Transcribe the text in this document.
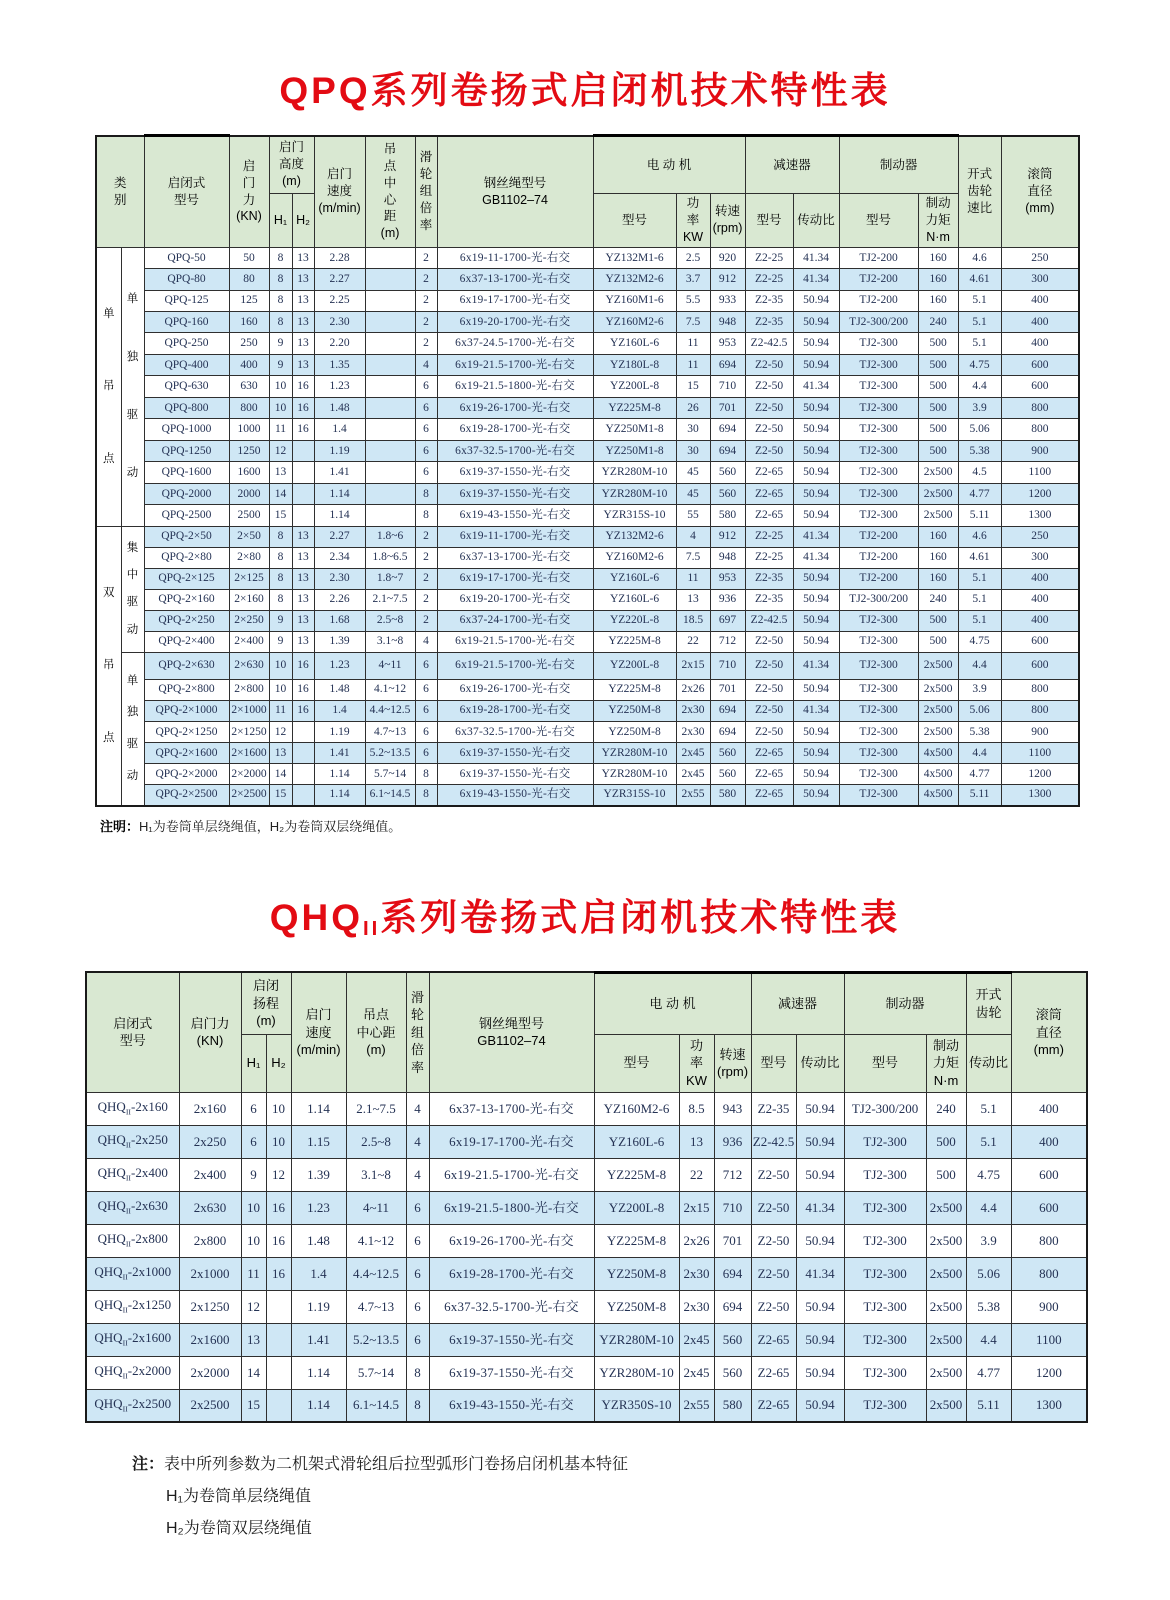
QPQ系列卷扬式启闭机技术特性表
类
别	启闭式
型号	启
门
力
(KN)	启门
高度
(m)	启门
速度
(m/min)	吊
点
中
心
距
(m)	滑
轮
组
倍
率	钢丝绳型号
GB1102–74	电 动 机	减速器	制动器	开式
齿轮
速比	滚筒
直径
(mm)
				H₁	H₂					型号	功
率
KW	转速
(rpm)	型号	传动比	型号	制动
力矩
N·m		

单
吊
点	单
独
驱
动	QPQ-50	50	8	13	2.28		2	6x19-11-1700-光-右交	YZ132M1-6	2.5	920	Z2-25	41.34	TJ2-200	160	4.6	250
		QPQ-80	80	8	13	2.27		2	6x37-13-1700-光-右交	YZ132M2-6	3.7	912	Z2-25	41.34	TJ2-200	160	4.61	300
		QPQ-125	125	8	13	2.25		2	6x19-17-1700-光-右交	YZ160M1-6	5.5	933	Z2-35	50.94	TJ2-200	160	5.1	400
		QPQ-160	160	8	13	2.30		2	6x19-20-1700-光-右交	YZ160M2-6	7.5	948	Z2-35	50.94	TJ2-300/200	240	5.1	400
		QPQ-250	250	9	13	2.20		2	6x37-24.5-1700-光-右交	YZ160L-6	11	953	Z2-42.5	50.94	TJ2-300	500	5.1	400
		QPQ-400	400	9	13	1.35		4	6x19-21.5-1700-光-右交	YZ180L-8	11	694	Z2-50	50.94	TJ2-300	500	4.75	600
		QPQ-630	630	10	16	1.23		6	6x19-21.5-1800-光-右交	YZ200L-8	15	710	Z2-50	41.34	TJ2-300	500	4.4	600
		QPQ-800	800	10	16	1.48		6	6x19-26-1700-光-右交	YZ225M-8	26	701	Z2-50	50.94	TJ2-300	500	3.9	800
		QPQ-1000	1000	11	16	1.4		6	6x19-28-1700-光-右交	YZ250M1-8	30	694	Z2-50	50.94	TJ2-300	500	5.06	800
		QPQ-1250	1250	12		1.19		6	6x37-32.5-1700-光-右交	YZ250M1-8	30	694	Z2-50	50.94	TJ2-300	500	5.38	900
		QPQ-1600	1600	13		1.41		6	6x19-37-1550-光-右交	YZR280M-10	45	560	Z2-65	50.94	TJ2-300	2x500	4.5	1100
		QPQ-2000	2000	14		1.14		8	6x19-37-1550-光-右交	YZR280M-10	45	560	Z2-65	50.94	TJ2-300	2x500	4.77	1200
		QPQ-2500	2500	15		1.14		8	6x19-43-1550-光-右交	YZR315S-10	55	580	Z2-65	50.94	TJ2-300	2x500	5.11	1300

双
吊
点	集
中
驱
动	QPQ-2×50	2×50	8	13	2.27	1.8~6	2	6x19-11-1700-光-右交	YZ132M2-6	4	912	Z2-25	41.34	TJ2-200	160	4.6	250
		QPQ-2×80	2×80	8	13	2.34	1.8~6.5	2	6x37-13-1700-光-右交	YZ160M2-6	7.5	948	Z2-25	41.34	TJ2-200	160	4.61	300
		QPQ-2×125	2×125	8	13	2.30	1.8~7	2	6x19-17-1700-光-右交	YZ160L-6	11	953	Z2-35	50.94	TJ2-200	160	5.1	400
		QPQ-2×160	2×160	8	13	2.26	2.1~7.5	2	6x19-20-1700-光-右交	YZ160L-6	13	936	Z2-35	50.94	TJ2-300/200	240	5.1	400
		QPQ-2×250	2×250	9	13	1.68	2.5~8	2	6x37-24-1700-光-右交	YZ220L-8	18.5	697	Z2-42.5	50.94	TJ2-300	500	5.1	400
		QPQ-2×400	2×400	9	13	1.39	3.1~8	4	6x19-21.5-1700-光-右交	YZ225M-8	22	712	Z2-50	50.94	TJ2-300	500	4.75	600

	单
独
驱
动	QPQ-2×630	2×630	10	16	1.23	4~11	6	6x19-21.5-1700-光-右交	YZ200L-8	2x15	710	Z2-50	41.34	TJ2-300	2x500	4.4	600
		QPQ-2×800	2×800	10	16	1.48	4.1~12	6	6x19-26-1700-光-右交	YZ225M-8	2x26	701	Z2-50	50.94	TJ2-300	2x500	3.9	800
		QPQ-2×1000	2×1000	11	16	1.4	4.4~12.5	6	6x19-28-1700-光-右交	YZ250M-8	2x30	694	Z2-50	41.34	TJ2-300	2x500	5.06	800
		QPQ-2×1250	2×1250	12		1.19	4.7~13	6	6x37-32.5-1700-光-右交	YZ250M-8	2x30	694	Z2-50	50.94	TJ2-300	2x500	5.38	900
		QPQ-2×1600	2×1600	13		1.41	5.2~13.5	6	6x19-37-1550-光-右交	YZR280M-10	2x45	560	Z2-65	50.94	TJ2-300	4x500	4.4	1100
		QPQ-2×2000	2×2000	14		1.14	5.7~14	8	6x19-37-1550-光-右交	YZR280M-10	2x45	560	Z2-65	50.94	TJ2-300	4x500	4.77	1200
		QPQ-2×2500	2×2500	15		1.14	6.1~14.5	8	6x19-43-1550-光-右交	YZR315S-10	2x55	580	Z2-65	50.94	TJ2-300	4x500	5.11	1300

注明：H₁为卷筒单层绕绳值，H₂为卷筒双层绕绳值。

$QHQ_{II}$系列卷扬式启闭机技术特性表
启闭式
型号	启门力
(KN)	启闭
扬程
(m)		启门
速度
(m/min)	吊点
中心距
(m)	滑
轮
组
倍
率	钢丝绳型号
GB1102–74	电 动 机			减速器		制动器		开式
齿轮	滚筒
直径
(mm)
		H₁	H₂					型号	功
率
KW	转速
(rpm)	型号	传动比	型号	制动
力矩
N·m	传动比	
$QHQ_{II}-2x160$	2x160	6	10	1.14	2.1~7.5	4	6x37-13-1700-光-右交	YZ160M2-6	8.5	943	Z2-35	50.94	TJ2-300/200	240	5.1	400
$QHQ_{II}-2x250$	2x250	6	10	1.15	2.5~8	4	6x19-17-1700-光-右交	YZ160L-6	13	936	Z2-42.5	50.94	TJ2-300	500	5.1	400
$QHQ_{II}-2x400$	2x400	9	12	1.39	3.1~8	4	6x19-21.5-1700-光-右交	YZ225M-8	22	712	Z2-50	50.94	TJ2-300	500	4.75	600
$QHQ_{II}-2x630$	2x630	10	16	1.23	4~11	6	6x19-21.5-1800-光-右交	YZ200L-8	2x15	710	Z2-50	41.34	TJ2-300	2x500	4.4	600
$QHQ_{II}-2x800$	2x800	10	16	1.48	4.1~12	6	6x19-26-1700-光-右交	YZ225M-8	2x26	701	Z2-50	50.94	TJ2-300	2x500	3.9	800
$QHQ_{II}-2x1000$	2x1000	11	16	1.4	4.4~12.5	6	6x19-28-1700-光-右交	YZ250M-8	2x30	694	Z2-50	41.34	TJ2-300	2x500	5.06	800
$QHQ_{II}-2x1250$	2x1250	12		1.19	4.7~13	6	6x37-32.5-1700-光-右交	YZ250M-8	2x30	694	Z2-50	50.94	TJ2-300	2x500	5.38	900
$QHQ_{II}-2x1600$	2x1600	13		1.41	5.2~13.5	6	6x19-37-1550-光-右交	YZR280M-10	2x45	560	Z2-65	50.94	TJ2-300	2x500	4.4	1100
$QHQ_{II}-2x2000$	2x2000	14		1.14	5.7~14	8	6x19-37-1550-光-右交	YZR280M-10	2x45	560	Z2-65	50.94	TJ2-300	2x500	4.77	1200
$QHQ_{II}-2x2500$	2x2500	15		1.14	6.1~14.5	8	6x19-43-1550-光-右交	YZR350S-10	2x55	580	Z2-65	50.94	TJ2-300	2x500	5.11	1300
注：表中所列参数为二机架式滑轮组后拉型弧形门卷扬启闭机基本特征
H₁为卷筒单层绕绳值
H₂为卷筒双层绕绳值
